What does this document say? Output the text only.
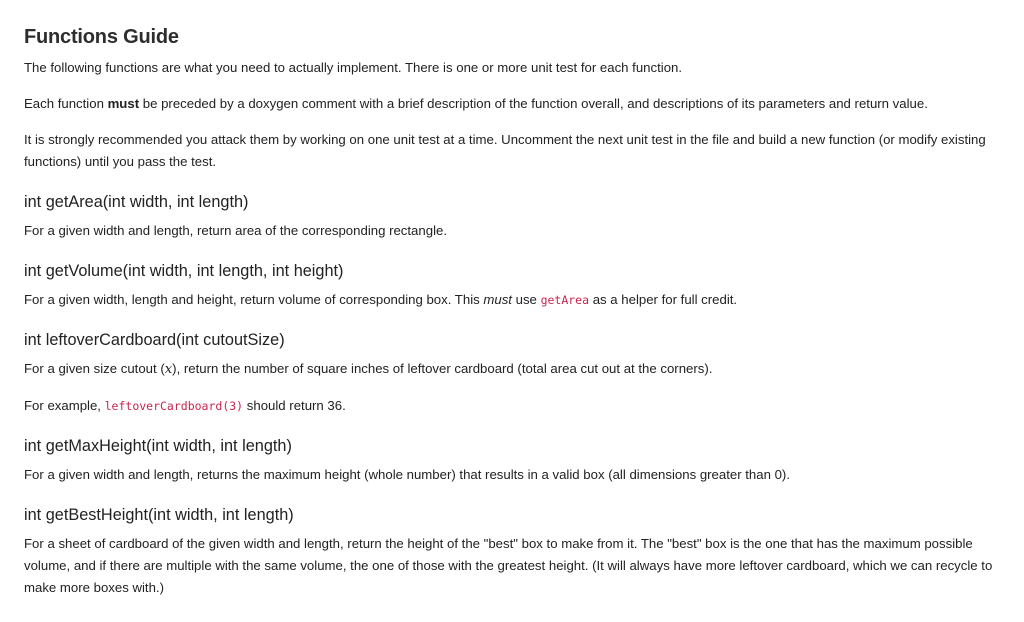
Functions Guide

The following functions are what you need to actually implement. There is one or more unit test for each function.

Each function must be preceded by a doxygen comment with a brief description of the function overall, and descriptions of its parameters and return value.

It is strongly recommended you attack them by working on one unit test at a time. Uncomment the next unit test in the file and build a new function (or modify existing functions) until you pass the test.

int getArea(int width, int length)

For a given width and length, return area of the corresponding rectangle.

int getVolume(int width, int length, int height)

For a given width, length and height, return volume of corresponding box. This must use getArea as a helper for full credit.

int leftoverCardboard(int cutoutSize)

For a given size cutout (x), return the number of square inches of leftover cardboard (total area cut out at the corners).

For example, leftoverCardboard(3) should return 36.

int getMaxHeight(int width, int length)

For a given width and length, returns the maximum height (whole number) that results in a valid box (all dimensions greater than 0).

int getBestHeight(int width, int length)

For a sheet of cardboard of the given width and length, return the height of the "best" box to make from it. The "best" box is the one that has the maximum possible volume, and if there are multiple with the same volume, the one of those with the greatest height. (It will always have more leftover cardboard, which we can recycle to make more boxes with.)
